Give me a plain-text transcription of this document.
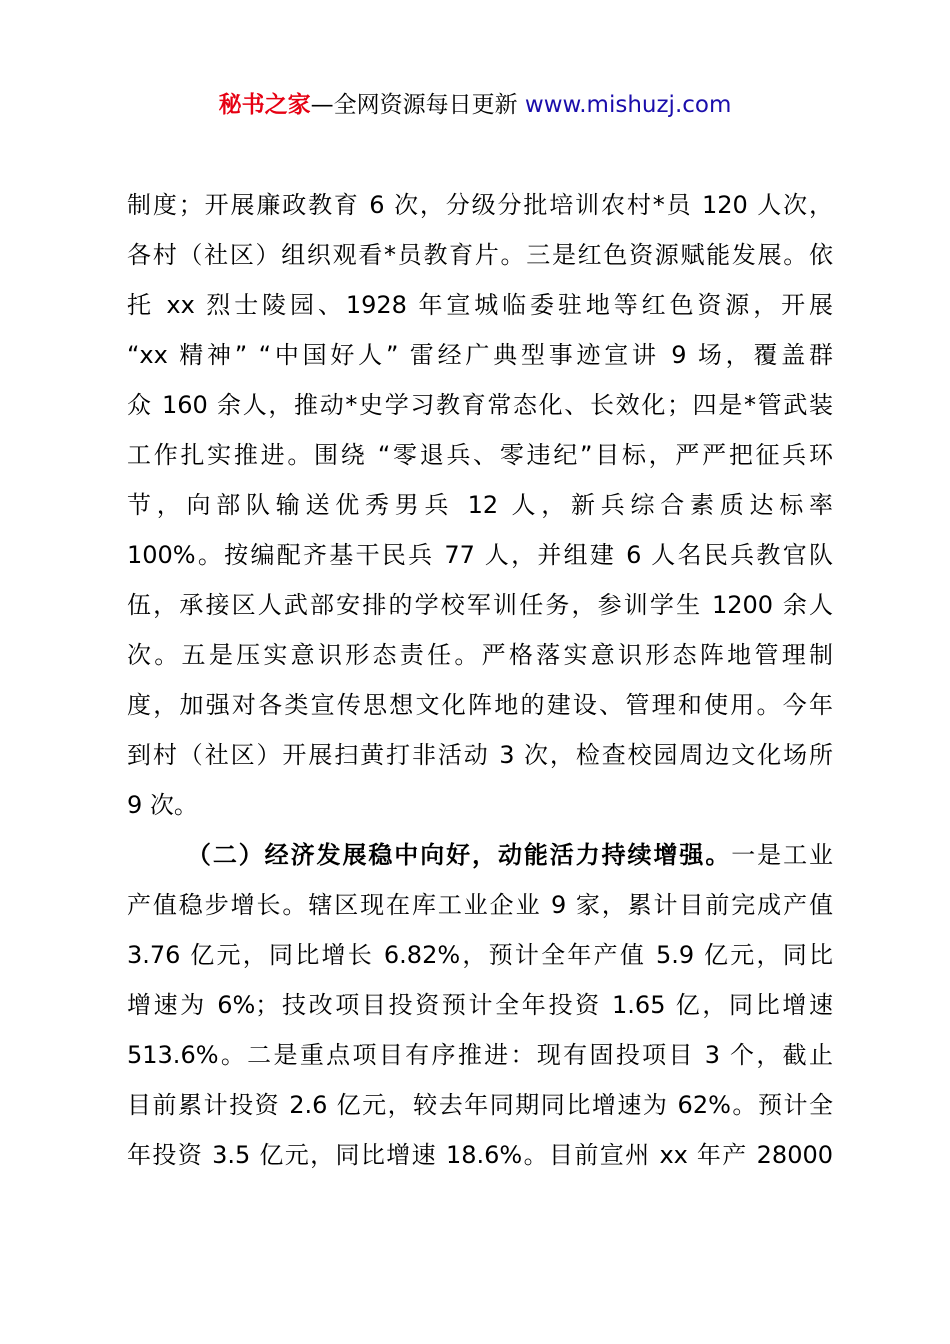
秘书之家—全网资源每日更新 www.mishuzj.com
制度；开展廉政教育 6 次，分级分批培训农村*员 120 人次，
各村（社区）组织观看*员教育片。三是红色资源赋能发展。依
托 xx 烈士陵园、1928 年宣城临委驻地等红色资源，开展
“xx 精神” “中国好人” 雷经广典型事迹宣讲 9 场，覆盖群
众 160 余人，推动*史学习教育常态化、长效化；四是*管武装
工作扎实推进。围绕 “零退兵、零违纪”目标，严严把征兵环
节，向部队输送优秀男兵 12 人，新兵综合素质达标率
100%。按编配齐基干民兵 77 人，并组建 6 人名民兵教官队
伍，承接区人武部安排的学校军训任务，参训学生 1200 余人
次。五是压实意识形态责任。严格落实意识形态阵地管理制
度，加强对各类宣传思想文化阵地的建设、管理和使用。今年
到村（社区）开展扫黄打非活动 3 次，检查校园周边文化场所
9 次。
（二）经济发展稳中向好，动能活力持续增强。一是工业
产值稳步增长。辖区现在库工业企业 9 家，累计目前完成产值
3.76 亿元，同比增长 6.82%，预计全年产值 5.9 亿元，同比
增速为 6%；技改项目投资预计全年投资 1.65 亿，同比增速
513.6%。二是重点项目有序推进：现有固投项目 3 个，截止
目前累计投资 2.6 亿元，较去年同期同比增速为 62%。预计全
年投资 3.5 亿元，同比增速 18.6%。目前宣州 xx 年产 28000
